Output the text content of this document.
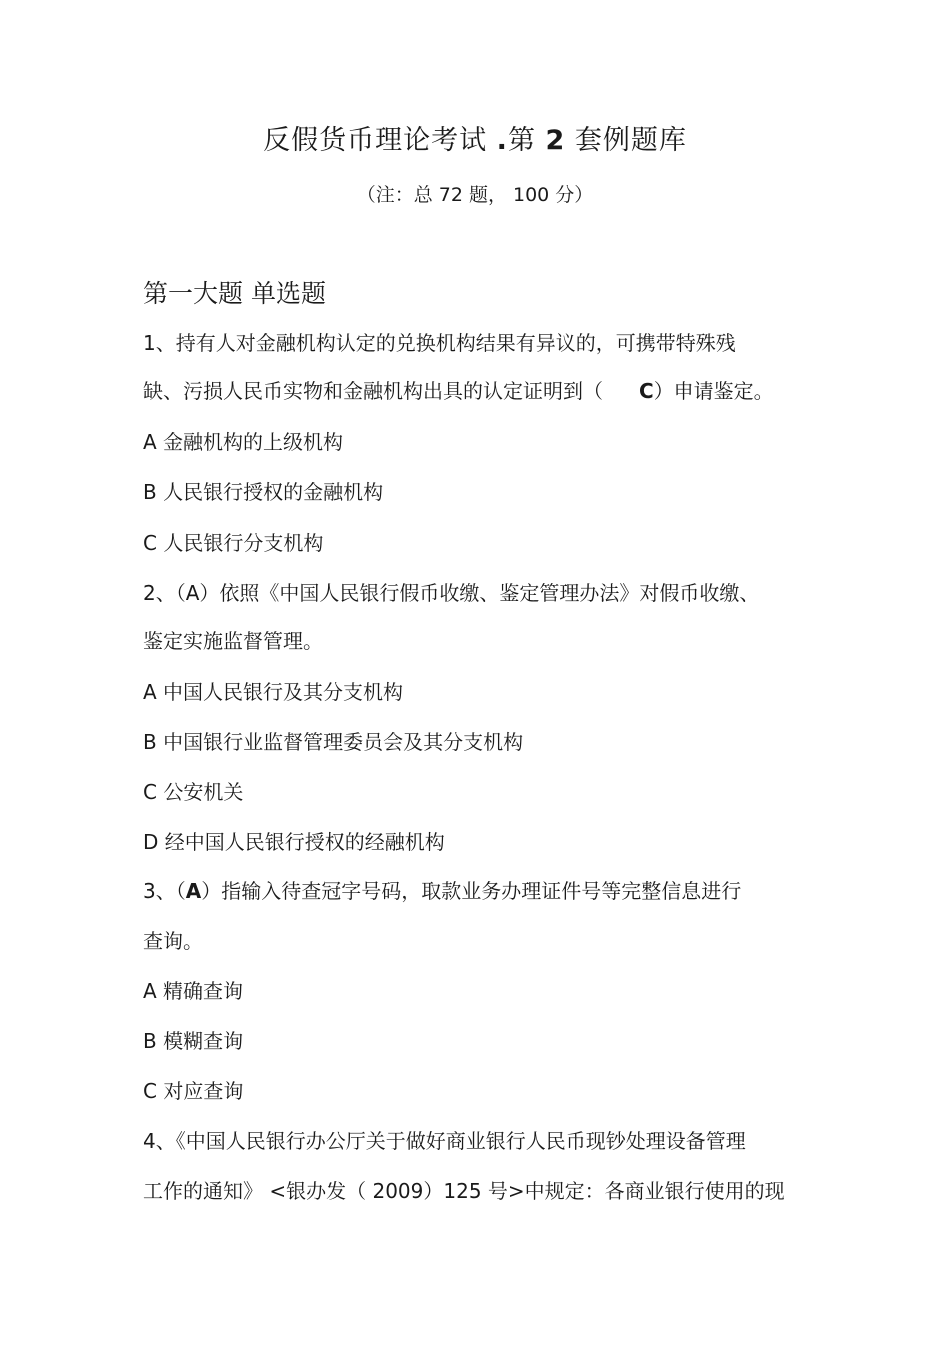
反假货币理论考试 .第 2 套例题库
（注：总 72 题， 100 分）
第一大题 单选题
1、持有人对金融机构认定的兑换机构结果有异议的，可携带特殊残
缺、污损人民币实物和金融机构出具的认定证明到（ C）申请鉴定。
A 金融机构的上级机构
B 人民银行授权的金融机构
C 人民银行分支机构
2、（A）依照《中国人民银行假币收缴、鉴定管理办法》对假币收缴、
鉴定实施监督管理。
A 中国人民银行及其分支机构
B 中国银行业监督管理委员会及其分支机构
C 公安机关
D 经中国人民银行授权的经融机构
3、（A）指输入待查冠字号码，取款业务办理证件号等完整信息进行
查询。
A 精确查询
B 模糊查询
C 对应查询
4、《中国人民银行办公厅关于做好商业银行人民币现钞处理设备管理
工作的通知》 <银办发（ 2009）125 号>中规定：各商业银行使用的现
